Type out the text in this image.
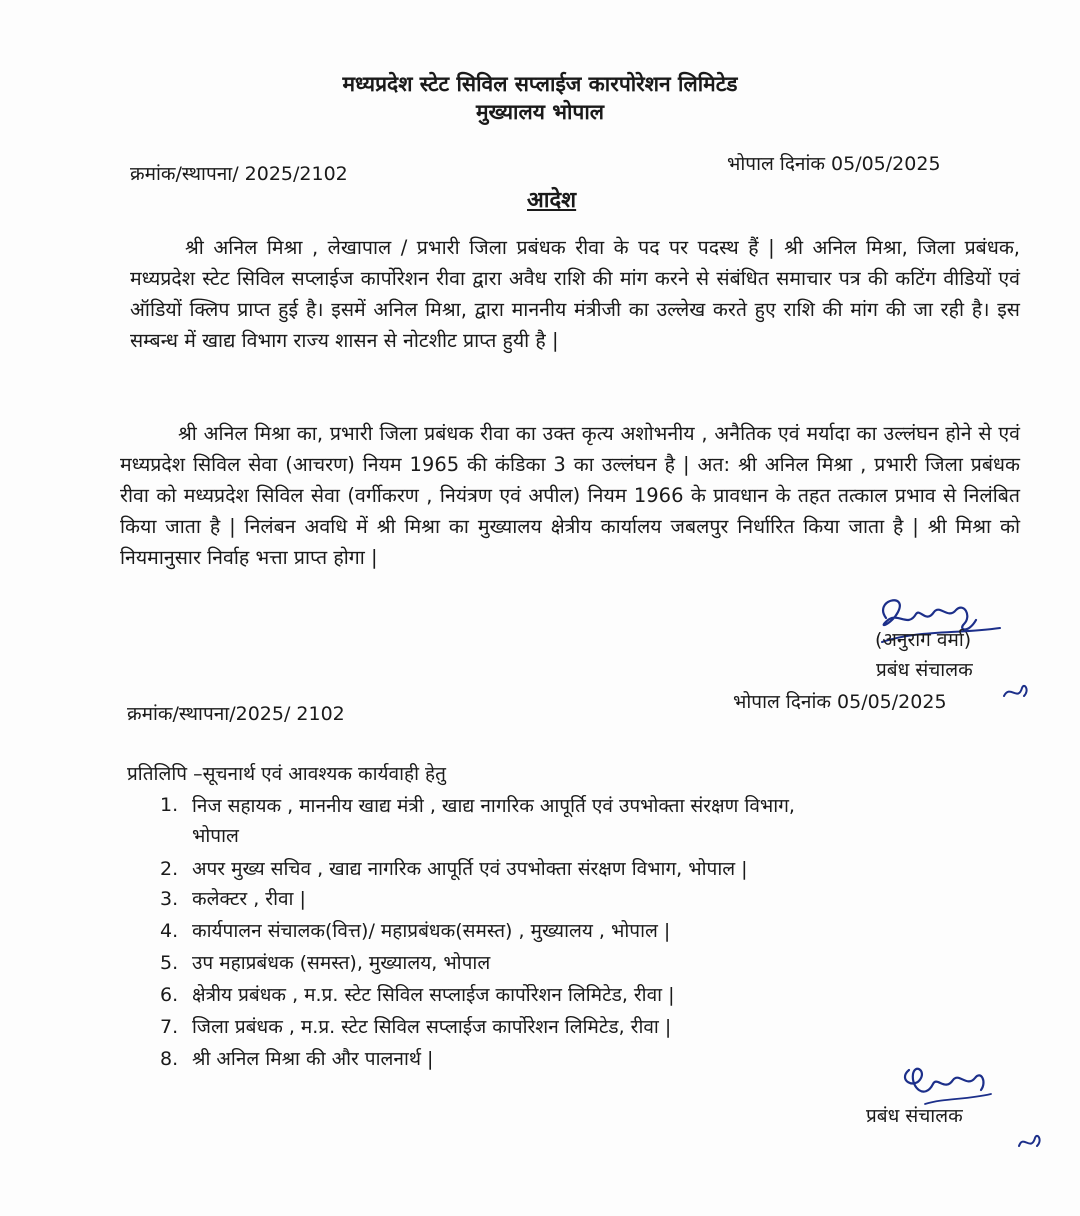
मध्यप्रदेश स्टेट सिविल सप्लाईज कारपोरेशन लिमिटेड
मुख्यालय भोपाल
क्रमांक/स्थापना/ 2025/2102	भोपाल दिनांक 05/05/2025
आदेश

श्री अनिल मिश्रा , लेखापाल / प्रभारी जिला प्रबंधक रीवा के पद पर पदस्थ हैं | श्री अनिल मिश्रा, जिला प्रबंधक, मध्यप्रदेश स्टेट सिविल सप्लाईज कार्पोरेशन रीवा द्वारा अवैध राशि की मांग करने से संबंधित समाचार पत्र की कटिंग वीडियों एवं ऑडियों क्लिप प्राप्त हुई है। इसमें अनिल मिश्रा, द्वारा माननीय मंत्रीजी का उल्लेख करते हुए राशि की मांग की जा रही है। इस सम्बन्ध में खाद्य विभाग राज्य शासन से नोटशीट प्राप्त हुयी है |

श्री अनिल मिश्रा का, प्रभारी जिला प्रबंधक रीवा का उक्त कृत्य अशोभनीय , अनैतिक एवं मर्यादा का उल्लंघन होने से एवं मध्यप्रदेश सिविल सेवा (आचरण) नियम 1965 की कंडिका 3 का उल्लंघन है | अत: श्री अनिल मिश्रा , प्रभारी जिला प्रबंधक रीवा को मध्यप्रदेश सिविल सेवा (वर्गीकरण , नियंत्रण एवं अपील) नियम 1966 के प्रावधान के तहत तत्काल प्रभाव से निलंबित किया जाता है | निलंबन अवधि में श्री मिश्रा का मुख्यालय क्षेत्रीय कार्यालय जबलपुर निर्धारित किया जाता है | श्री मिश्रा को नियमानुसार निर्वाह भत्ता प्राप्त होगा |

(अनुराग वर्मा)
प्रबंध संचालक
क्रमांक/स्थापना/2025/ 2102
भोपाल दिनांक 05/05/2025
प्रतिलिपि –सूचनार्थ एवं आवश्यक कार्यवाही हेतु
1. निज सहायक , माननीय खाद्य मंत्री , खाद्य नागरिक आपूर्ति एवं उपभोक्ता संरक्षण विभाग,
भोपाल
2. अपर मुख्य सचिव , खाद्य नागरिक आपूर्ति एवं उपभोक्ता संरक्षण विभाग, भोपाल |
3. कलेक्टर , रीवा |
4. कार्यपालन संचालक(वित्त)/ महाप्रबंधक(समस्त) , मुख्यालय , भोपाल |
5. उप महाप्रबंधक (समस्त), मुख्यालय, भोपाल
6. क्षेत्रीय प्रबंधक , म.प्र. स्टेट सिविल सप्लाईज कार्पोरेशन लिमिटेड, रीवा |
7. जिला प्रबंधक , म.प्र. स्टेट सिविल सप्लाईज कार्पोरेशन लिमिटेड, रीवा |
8. श्री अनिल मिश्रा की और पालनार्थ |
प्रबंध संचालक
